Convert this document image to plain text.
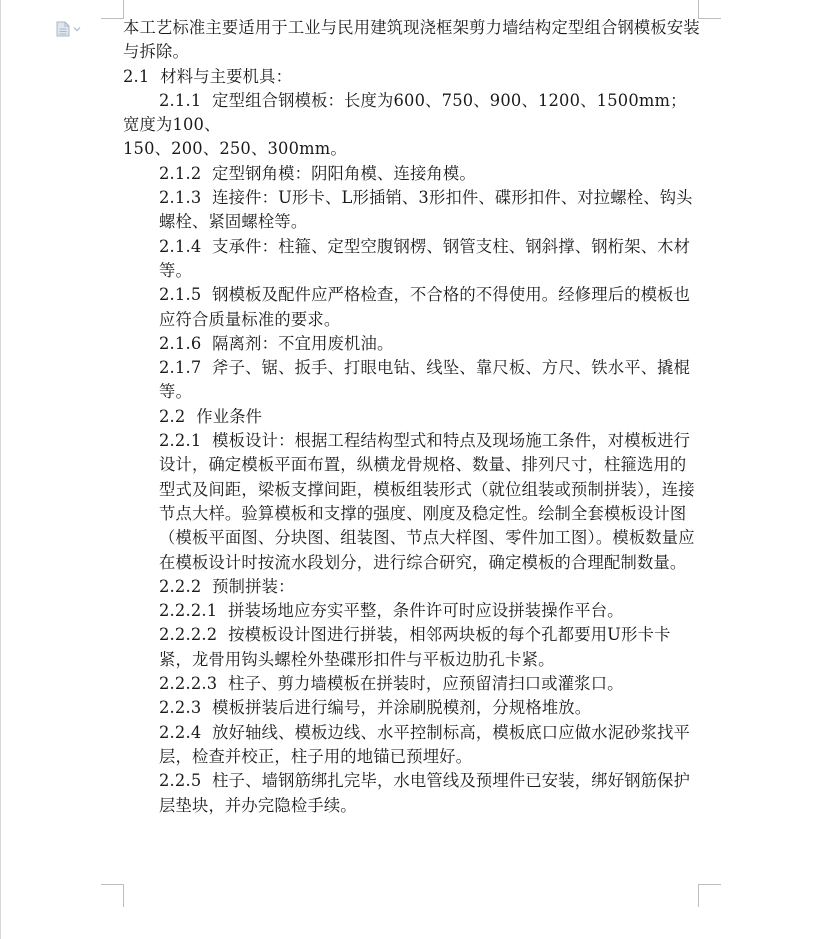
本工艺标准主要适用于工业与民用建筑现浇框架剪力墙结构定型组合钢模板安装与拆除。

2.1  材料与主要机具：

2.1.1  定型组合钢模板：长度为600、750、900、1200、1500mm；

宽度为100、

150、200、250、300mm。

2.1.2  定型钢角模：阴阳角模、连接角模。

2.1.3  连接件：U形卡、L形插销、3形扣件、碟形扣件、对拉螺栓、钩头螺栓、紧固螺栓等。

2.1.4  支承件：柱箍、定型空腹钢楞、钢管支柱、钢斜撑、钢桁架、木材等。

2.1.5  钢模板及配件应严格检查，不合格的不得使用。经修理后的模板也应符合质量标准的要求。

2.1.6  隔离剂：不宜用废机油。

2.1.7  斧子、锯、扳手、打眼电钻、线坠、靠尺板、方尺、铁水平、撬棍等。

2.2  作业条件

2.2.1  模板设计：根据工程结构型式和特点及现场施工条件，对模板进行设计，确定模板平面布置，纵横龙骨规格、数量、排列尺寸，柱箍选用的型式及间距，梁板支撑间距，模板组装形式（就位组装或预制拼装），连接节点大样。验算模板和支撑的强度、刚度及稳定性。绘制全套模板设计图（模板平面图、分块图、组装图、节点大样图、零件加工图）。模板数量应在模板设计时按流水段划分，进行综合研究，确定模板的合理配制数量。

2.2.2  预制拼装：

2.2.2.1  拼装场地应夯实平整，条件许可时应设拼装操作平台。

2.2.2.2  按模板设计图进行拼装，相邻两块板的每个孔都要用U形卡卡紧，龙骨用钩头螺栓外垫碟形扣件与平板边肋孔卡紧。

2.2.2.3  柱子、剪力墙模板在拼装时，应预留清扫口或灌浆口。

2.2.3  模板拼装后进行编号，并涂刷脱模剂，分规格堆放。

2.2.4  放好轴线、模板边线、水平控制标高，模板底口应做水泥砂浆找平层，检查并校正，柱子用的地锚已预埋好。

2.2.5  柱子、墙钢筋绑扎完毕，水电管线及预埋件已安装，绑好钢筋保护层垫块，并办完隐检手续。
